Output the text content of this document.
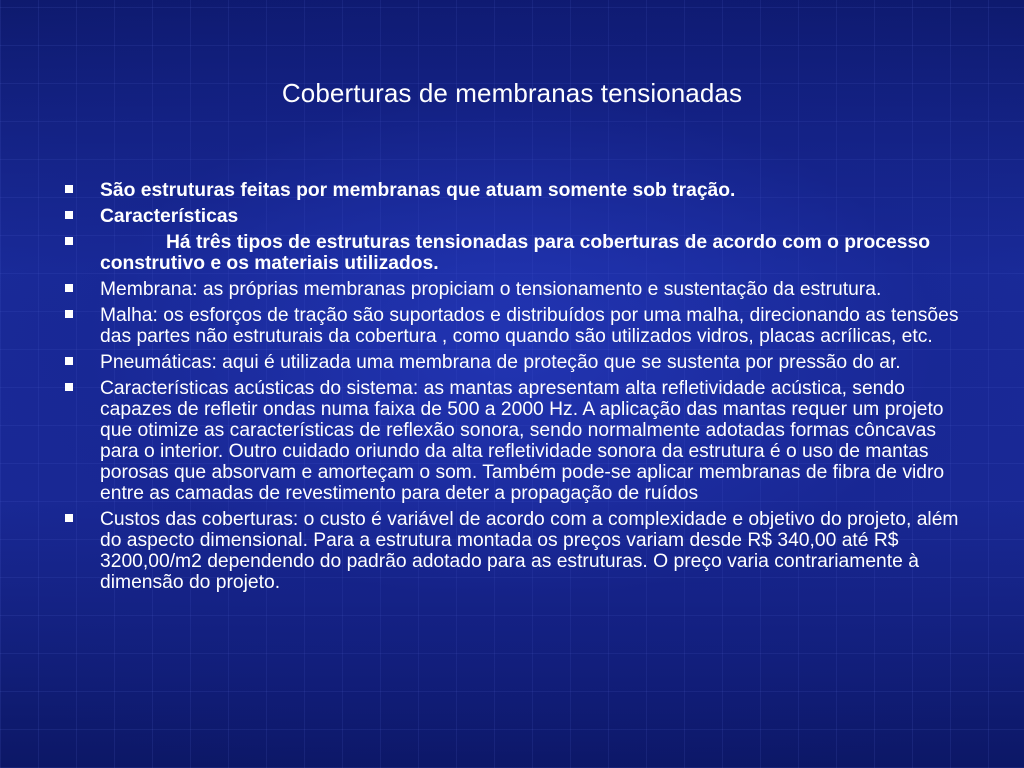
Coberturas de membranas tensionadas
São estruturas feitas por membranas que atuam somente sob tração.
Características
Há três tipos de estruturas tensionadas para coberturas de acordo com o processo construtivo e os materiais utilizados.
Membrana: as próprias membranas propiciam o tensionamento e sustentação da estrutura.
Malha: os esforços de tração são suportados e distribuídos por uma malha, direcionando as tensões das partes não estruturais da cobertura , como quando são utilizados vidros, placas acrílicas, etc.
Pneumáticas: aqui é utilizada uma membrana de proteção que se sustenta por pressão do ar.
Características acústicas do sistema: as mantas apresentam alta refletividade acústica, sendo capazes de refletir ondas numa faixa de 500 a 2000 Hz. A aplicação das mantas requer um projeto que otimize as características de reflexão sonora, sendo normalmente adotadas formas côncavas para o interior. Outro cuidado oriundo da alta refletividade sonora da estrutura é o uso de mantas porosas que absorvam e amorteçam o som. Também pode-se aplicar membranas de fibra de vidro entre as camadas de revestimento para deter a propagação de ruídos
Custos das coberturas: o custo é variável de acordo com a complexidade e objetivo do projeto, além do aspecto dimensional. Para a estrutura montada os preços variam desde R$ 340,00 até R$ 3200,00/m2 dependendo do padrão adotado para as estruturas. O preço varia contrariamente à dimensão do projeto.
